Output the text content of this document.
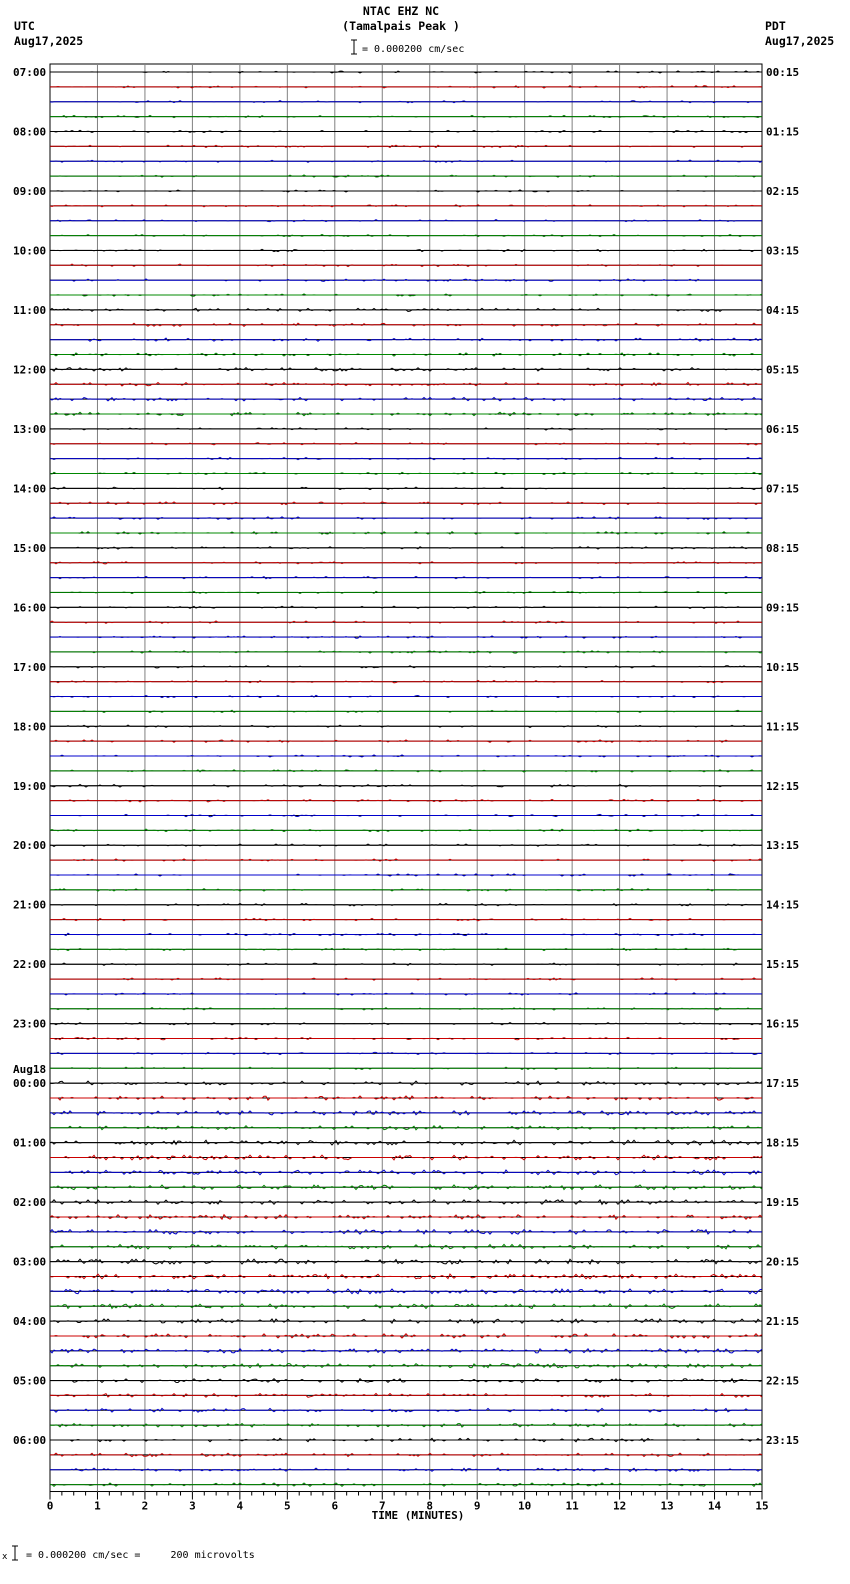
UTC
Aug17,2025
PDT
Aug17,2025
NTAC EHZ NC
(Tamalpais Peak )
= 0.000200 cm/sec
0	1	2	3	4	5	6	7	8	9	10	11	12	13	14	15
07:00
08:00
09:00
10:00
11:00
12:00
13:00
14:00
15:00
16:00
17:00
18:00
19:00
20:00
21:00
22:00
23:00
00:00
01:00
02:00
03:00
04:00
05:00
06:00
Aug18
00:15
01:15
02:15
03:15
04:15
05:15
06:15
07:15
08:15
09:15
10:15
11:15
12:15
13:15
14:15
15:15
16:15
17:15
18:15
19:15
20:15
21:15
22:15
23:15
TIME (MINUTES)
x = 0.000200 cm/sec =     200 microvolts
